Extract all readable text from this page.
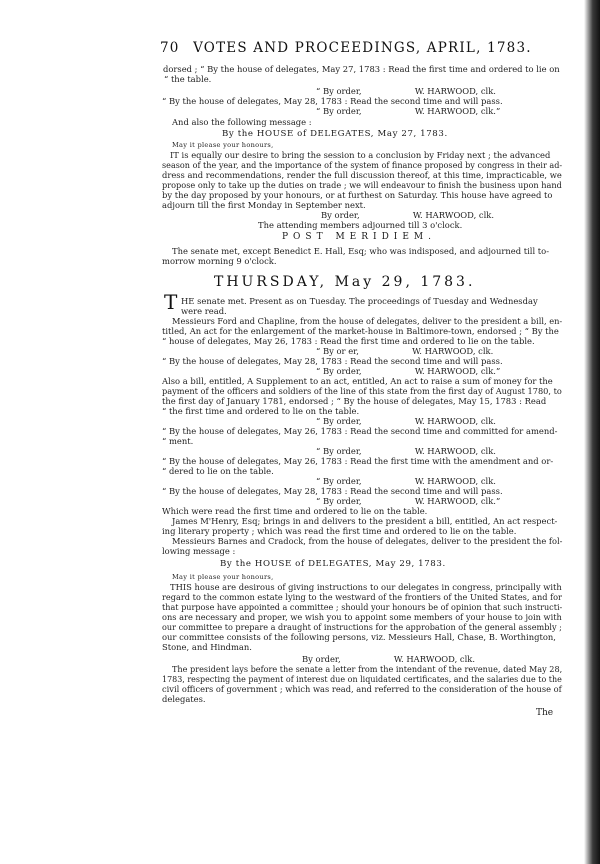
70 VOTES AND PROCEEDINGS, APRIL, 1783.
dorsed ; “ By the house of delegates, May 27, 1783 : Read the first time and ordered to lie on
“ the table.
“ By order,                    W. HARWOOD, clk.
“ By the house of delegates, May 28, 1783 : Read the second time and will pass.
“ By order,                    W. HARWOOD, clk.”
And also the following message :
By the HOUSE of DELEGATES, May 27, 1783.
May it please your honours,
IT is equally our desire to bring the session to a conclusion by Friday next ; the advanced
season of the year, and the importance of the system of finance proposed by congress in their ad-
dress and recommendations, render the full discussion thereof, at this time, impracticable, we
propose only to take up the duties on trade ; we will endeavour to finish the business upon hand
by the day proposed by your honours, or at furthest on Saturday. This house have agreed to
adjourn till the first Monday in September next.
By order,                    W. HARWOOD, clk.
The attending members adjourned till 3 o'clock.
POST MERIDIEM.
The senate met, except Benedict E. Hall, Esq; who was indisposed, and adjourned till to-
morrow morning 9 o'clock.
THURSDAY, May 29, 1783.
T HE senate met. Present as on Tuesday. The proceedings of Tuesday and Wednesday
were read.
Messieurs Ford and Chapline, from the house of delegates, deliver to the president a bill, en-
titled, An act for the enlargement of the market-house in Baltimore-town, endorsed ; “ By the
“ house of delegates, May 26, 1783 : Read the first time and ordered to lie on the table.
“ By or er,                    W. HARWOOD, clk.
“ By the house of delegates, May 28, 1783 : Read the second time and will pass.
“ By order,                    W. HARWOOD, clk.”
Also a bill, entitled, A Supplement to an act, entitled, An act to raise a sum of money for the
payment of the officers and soldiers of the line of this state from the first day of August 1780, to
the first day of January 1781, endorsed ; “ By the house of delegates, May 15, 1783 : Read
“ the first time and ordered to lie on the table.
“ By order,                    W. HARWOOD, clk.
“ By the house of delegates, May 26, 1783 : Read the second time and committed for amend-
“ ment.
“ By order,                    W. HARWOOD, clk.
“ By the house of delegates, May 26, 1783 : Read the first time with the amendment and or-
“ dered to lie on the table.
“ By order,                    W. HARWOOD, clk.
“ By the house of delegates, May 28, 1783 : Read the second time and will pass.
“ By order,                    W. HARWOOD, clk.”
Which were read the first time and ordered to lie on the table.
James M'Henry, Esq; brings in and delivers to the president a bill, entitled, An act respect-
ing literary property ; which was read the first time and ordered to lie on the table.
Messieurs Barnes and Cradock, from the house of delegates, deliver to the president the fol-
lowing message :
By the HOUSE of DELEGATES, May 29, 1783.
May it please your honours,
THIS house are desirous of giving instructions to our delegates in congress, principally with
regard to the common estate lying to the westward of the frontiers of the United States, and for
that purpose have appointed a committee ; should your honours be of opinion that such instructi-
ons are necessary and proper, we wish you to appoint some members of your house to join with
our committee to prepare a draught of instructions for the approbation of the general assembly ;
our committee consists of the following persons, viz. Messieurs Hall, Chase, B. Worthington,
Stone, and Hindman.
By order,                    W. HARWOOD, clk.
The president lays before the senate a letter from the intendant of the revenue, dated May 28,
1783, respecting the payment of interest due on liquidated certificates, and the salaries due to the
civil officers of government ; which was read, and referred to the consideration of the house of
delegates.
The
